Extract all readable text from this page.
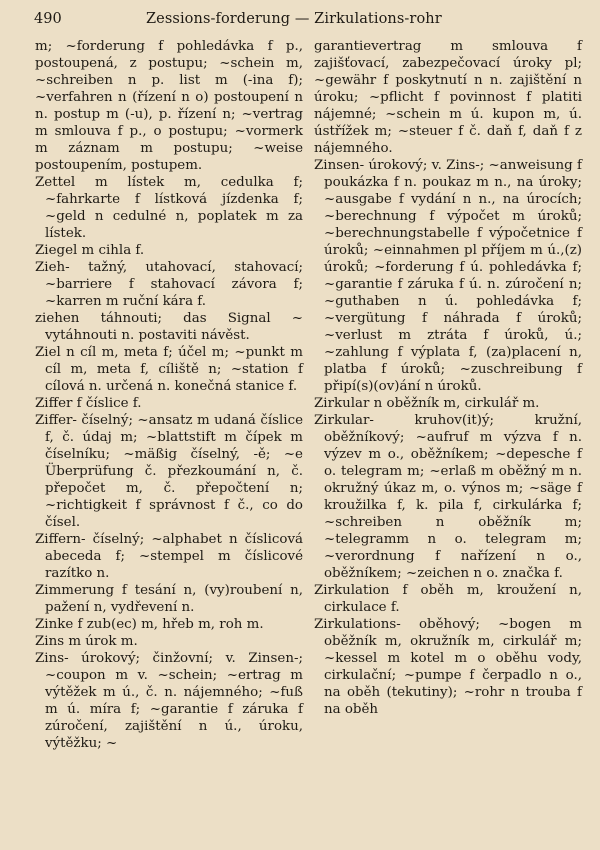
490	Zessions-forderung — Zirkulations-rohr

m; ~forderung f pohledávka f p., postoupená, z postupu; ~schein m, ~schreiben n p. list m (-ina f); ~verfahren n (řízení n o) postoupení n n. postup m (-u), p. řízení n; ~vertrag m smlouva f p., o postupu; ~vormerk m záznam m postupu; ~weise postoupením, postupem.

Zettel m lístek m, cedulka f; ~fahrkarte f lístková jízdenka f; ~geld n cedulné n, poplatek m za lístek.

Ziegel m cihla f.

Zieh- tažný, utahovací, stahovací; ~barriere f stahovací závora f; ~karren m ruční kára f.

ziehen táhnouti; das Signal ~ vytáhnouti n. postaviti návěst.

Ziel n cíl m, meta f; účel m; ~punkt m cíl m, meta f, cíliště n; ~station f cílová n. určená n. konečná stanice f.

Ziffer f číslice f.

Ziffer- číselný; ~ansatz m udaná číslice f, č. údaj m; ~blattstift m čípek m číselníku; ~mäßig číselný, -ě; ~e Überprüfung č. přezkoumání n, č. přepočet m, č. přepočtení n; ~richtigkeit f správnost f č., co do čísel.

Ziffern- číselný; ~alphabet n číslicová abeceda f; ~stempel m číslicové razítko n.

Zimmerung f tesání n, (vy)roubení n, pažení n, vydřevení n.

Zinke f zub(ec) m, hřeb m, roh m.

Zins m úrok m.

Zins- úrokový; činžovní; v. Zinsen-; ~coupon m v. ~schein; ~ertrag m výtěžek m ú., č. n. nájemného; ~fuß m ú. míra f; ~garantie f záruka f zúročení, zajištění n ú., úroku, výtěžku; ~

garantievertrag m smlouva f zajišťovací, zabezpečovací úroky pl; ~gewähr f poskytnutí n n. zajištění n úroku; ~pflicht f povinnost f platiti nájemné; ~schein m ú. kupon m, ú. ústřížek m; ~steuer f č. daň f, daň f z nájemného.

Zinsen- úrokový; v. Zins-; ~anweisung f poukázka f n. poukaz m n., na úroky; ~ausgabe f vydání n n., na úrocích; ~berechnung f výpočet m úroků; ~berechnungstabelle f výpočetnice f úroků; ~einnahmen pl příjem m ú.,(z) úroků; ~forderung f ú. pohledávka f; ~garantie f záruka f ú. n. zúročení n; ~guthaben n ú. pohledávka f; ~vergütung f náhrada f úroků; ~verlust m ztráta f úroků, ú.; ~zahlung f výplata f, (za)placení n, platba f úroků; ~zuschreibung f připí(s)(ov)ání n úroků.

Zirkular n oběžník m, cirkulář m.

Zirkular- kruhov(it)ý; kružní, oběžníkový; ~aufruf m výzva f n. výzev m o., oběžníkem; ~depesche f o. telegram m; ~erlaß m oběžný m n. okružný úkaz m, o. výnos m; ~säge f kroužilka f, k. pila f, cirkulárka f; ~schreiben n oběžník m; ~telegramm n o. telegram m; ~verordnung f nařízení n o., oběžníkem; ~zeichen n o. značka f.

Zirkulation f oběh m, kroužení n, cirkulace f.

Zirkulations- oběhový; ~bogen m oběžník m, okružník m, cirkulář m; ~kessel m kotel m o oběhu vody, cirkulační; ~pumpe f čerpadlo n o., na oběh (tekutiny); ~rohr n trouba f na oběh
